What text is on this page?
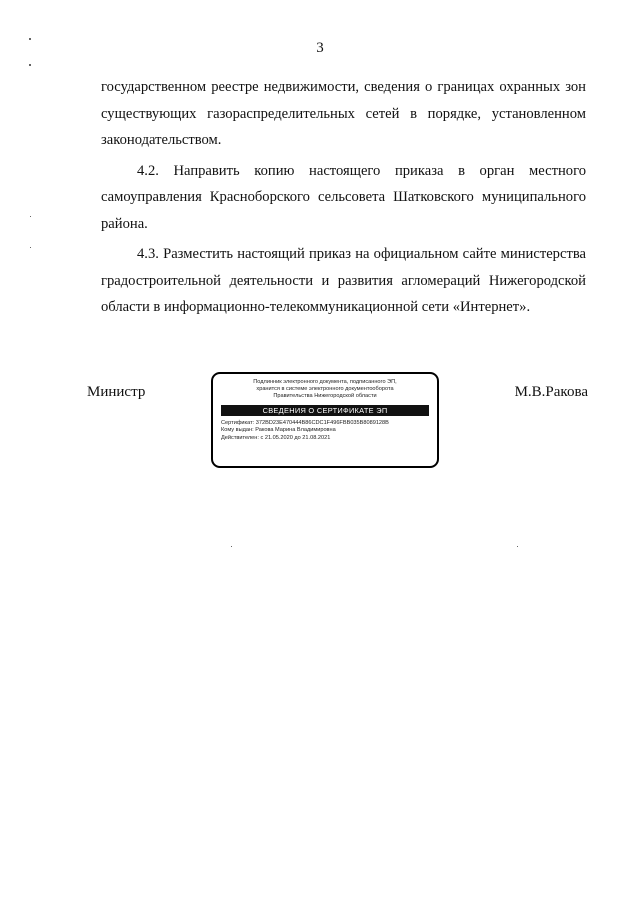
3

государственном реестре недвижимости, сведения о границах охранных зон существующих газораспределительных сетей в порядке, установленном законодательством.

4.2. Направить копию настоящего приказа в орган местного самоуправления Красноборского сельсовета Шатковского муниципального района.

4.3. Разместить настоящий приказ на официальном сайте министерства градостроительной деятельности и развития агломераций Нижегородской области в информационно-телекоммуникационной сети «Интернет».

Министр
Подлинник электронного документа, подписанного ЭП,
хранится в системе электронного документооборота
Правительства Нижегородской области
СВЕДЕНИЯ О СЕРТИФИКАТЕ ЭП
Сертификат: 372BD23E470444B86CDC1F496FBB035B8089128B
Кому выдан: Ракова Марина Владимировна
Действителен: с 21.05.2020 до 21.08.2021
М.В.Ракова
